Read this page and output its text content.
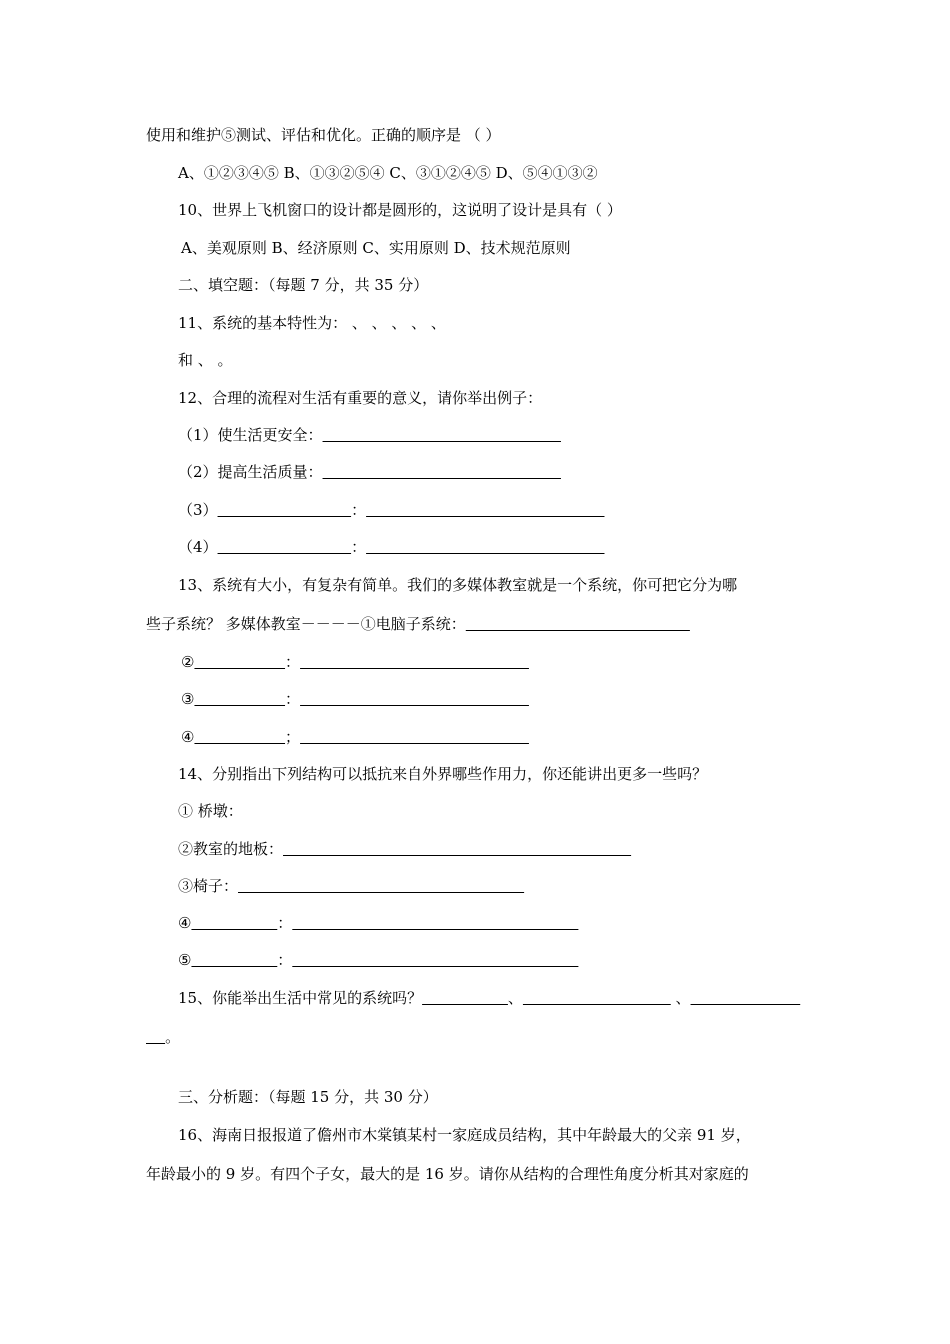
使用和维护⑤测试、评估和优化。正确的顺序是 （ ）
A、①②③④⑤ B、①③②⑤④ C、③①②④⑤ D、⑤④①③②
10、世界上飞机窗口的设计都是圆形的，这说明了设计是具有（ ）
A、美观原则 B、经济原则 C、实用原则 D、技术规范原则
二、填空题：（每题 7 分，共 35 分）
11、系统的基本特性为： 、 、 、 、 、
和 、 。
12、合理的流程对生活有重要的意义，请你举出例子：
（1）使生活更安全：
（2）提高生活质量：
（3）	：
（4）	：
13、系统有大小，有复杂有简单。我们的多媒体教室就是一个系统，你可把它分为哪
些子系统？ 多媒体教室－－－－①电脑子系统：
②	：
③	：
④	；
14、分别指出下列结构可以抵抗来自外界哪些作用力，你还能讲出更多一些吗？
① 桥墩：
②教室的地板：
③椅子：
④	：
⑤	：
15、你能举出生活中常见的系统吗？	、	、
。
三、分析题：（每题 15 分，共 30 分）
16、海南日报报道了儋州市木棠镇某村一家庭成员结构，其中年龄最大的父亲 91 岁，
年龄最小的 9 岁。有四个子女，最大的是 16 岁。请你从结构的合理性角度分析其对家庭的
